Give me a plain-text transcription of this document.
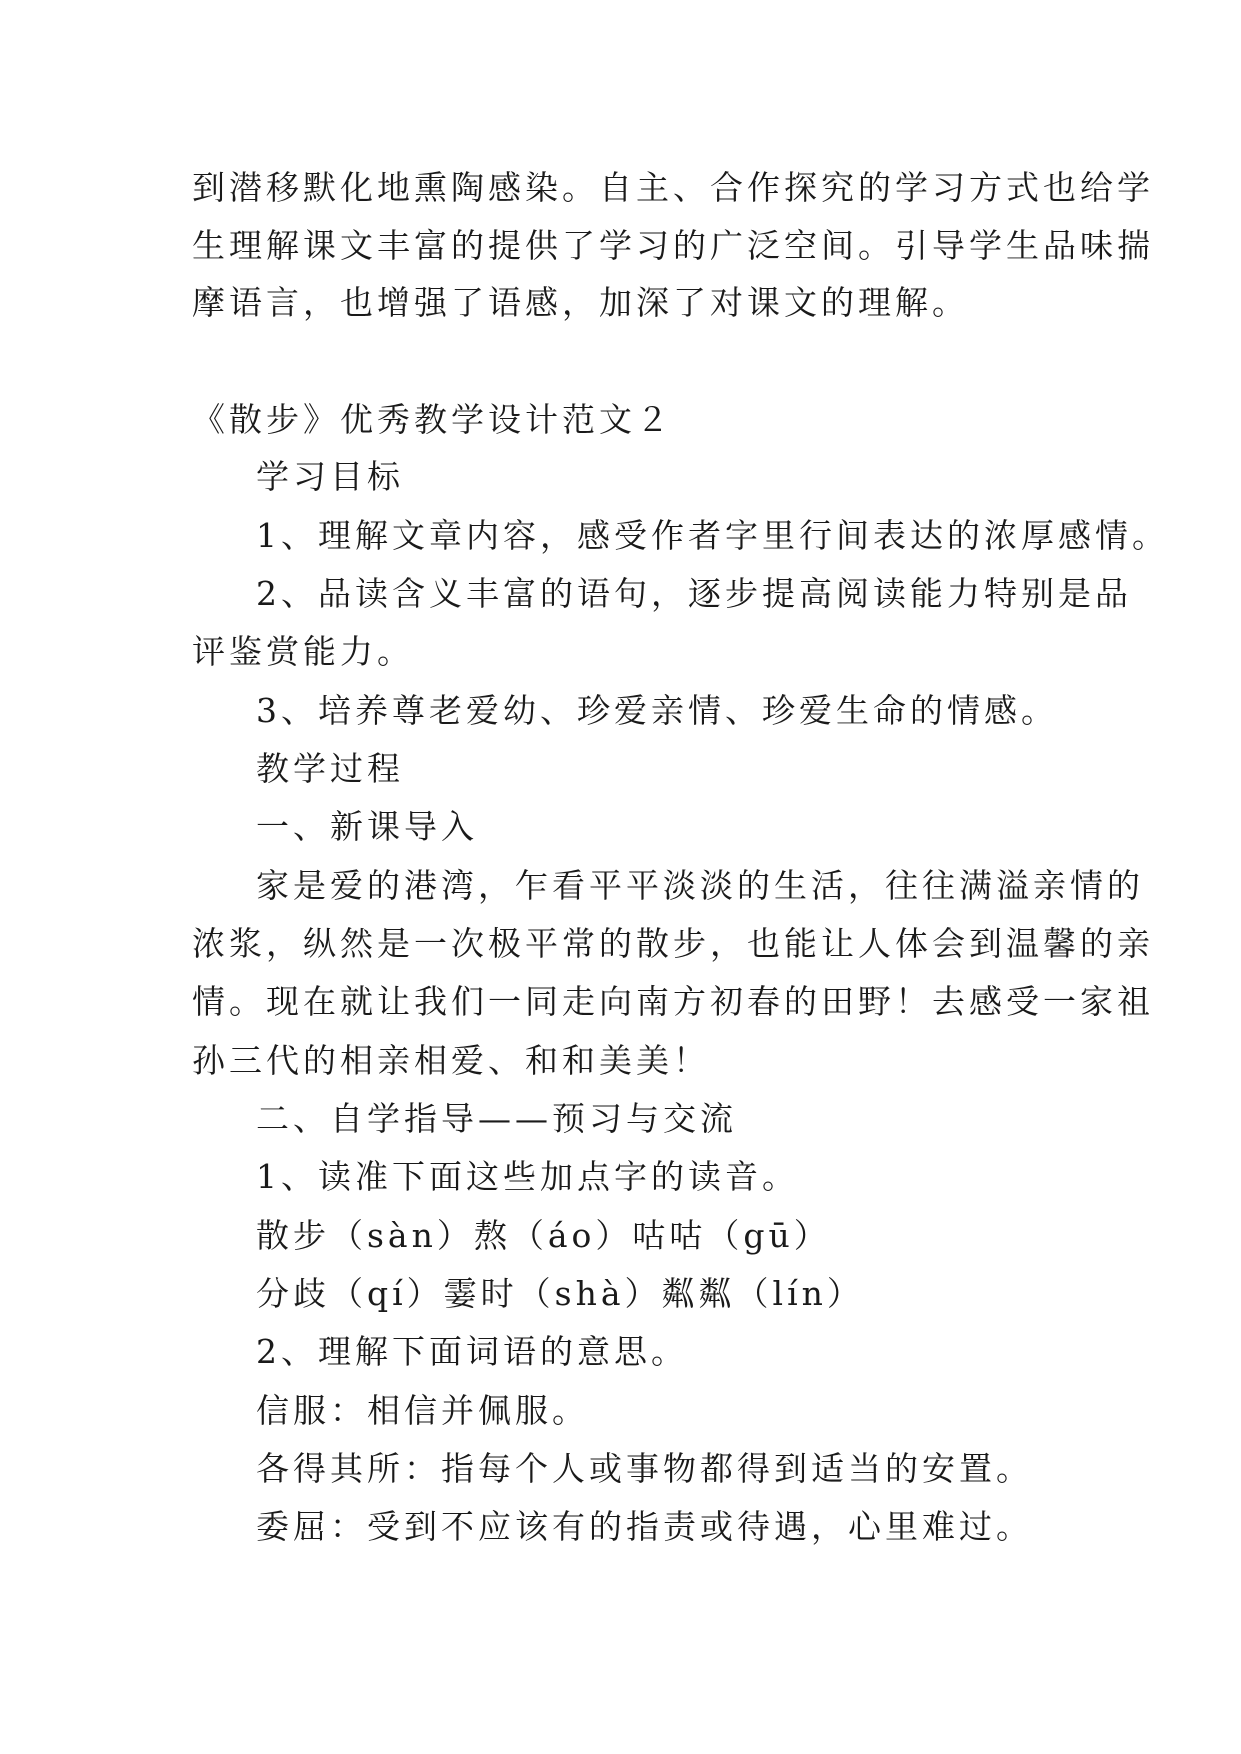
到潜移默化地熏陶感染。自主、合作探究的学习方式也给学
生理解课文丰富的提供了学习的广泛空间。引导学生品味揣
摩语言，也增强了语感，加深了对课文的理解。
《散步》优秀教学设计范文２
学习目标
1、理解文章内容，感受作者字里行间表达的浓厚感情。
2、品读含义丰富的语句，逐步提高阅读能力特别是品
评鉴赏能力。
3、培养尊老爱幼、珍爱亲情、珍爱生命的情感。
教学过程
一、新课导入
家是爱的港湾，乍看平平淡淡的生活，往往满溢亲情的
浓浆，纵然是一次极平常的散步，也能让人体会到温馨的亲
情。现在就让我们一同走向南方初春的田野！去感受一家祖
孙三代的相亲相爱、和和美美！
二、自学指导——预习与交流
1、读准下面这些加点字的读音。
散步（sàn）熬（áo）咕咕（gū）
分歧（qí）霎时（shà）粼粼（lín）
2、理解下面词语的意思。
信服：相信并佩服。
各得其所：指每个人或事物都得到适当的安置。
委屈：受到不应该有的指责或待遇，心里难过。
